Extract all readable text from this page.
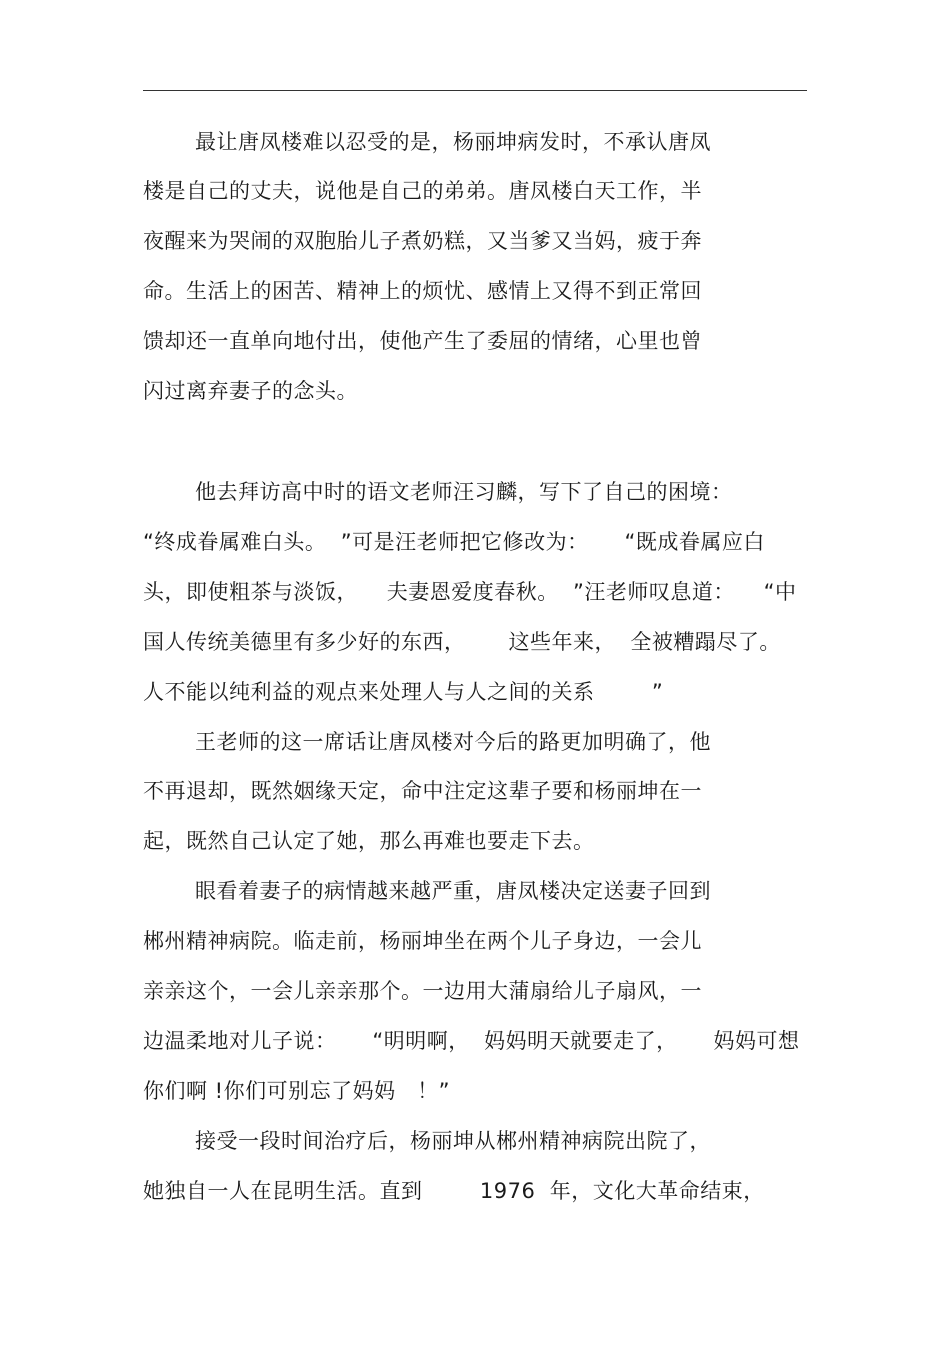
最让唐凤楼难以忍受的是，杨丽坤病发时，不承认唐凤
楼是自己的丈夫，说他是自己的弟弟。唐凤楼白天工作，半
夜醒来为哭闹的双胞胎儿子煮奶糕，又当爹又当妈，疲于奔
命。生活上的困苦、精神上的烦忧、感情上又得不到正常回
馈却还一直单向地付出，使他产生了委屈的情绪，心里也曾
闪过离弃妻子的念头。
他去拜访高中时的语文老师汪习麟，写下了自己的困境：
“终成眷属难白头。  ”可是汪老师把它修改为：     “既成眷属应白
头，即使粗茶与淡饭，    夫妻恩爱度春秋。  ”汪老师叹息道：    “中
国人传统美德里有多少好的东西，      这些年来，  全被糟蹋尽了。
人不能以纯利益的观点来处理人与人之间的关系        ”
王老师的这一席话让唐凤楼对今后的路更加明确了，他
不再退却，既然姻缘天定，命中注定这辈子要和杨丽坤在一
起，既然自己认定了她，那么再难也要走下去。
眼看着妻子的病情越来越严重，唐凤楼决定送妻子回到
郴州精神病院。临走前，杨丽坤坐在两个儿子身边，一会儿
亲亲这个，一会儿亲亲那个。一边用大蒲扇给儿子扇风，一
边温柔地对儿子说：     “明明啊，  妈妈明天就要走了，     妈妈可想
你们啊 !你们可别忘了妈妈   ！”
接受一段时间治疗后，杨丽坤从郴州精神病院出院了，
她独自一人在昆明生活。直到        1976  年，文化大革命结束，
